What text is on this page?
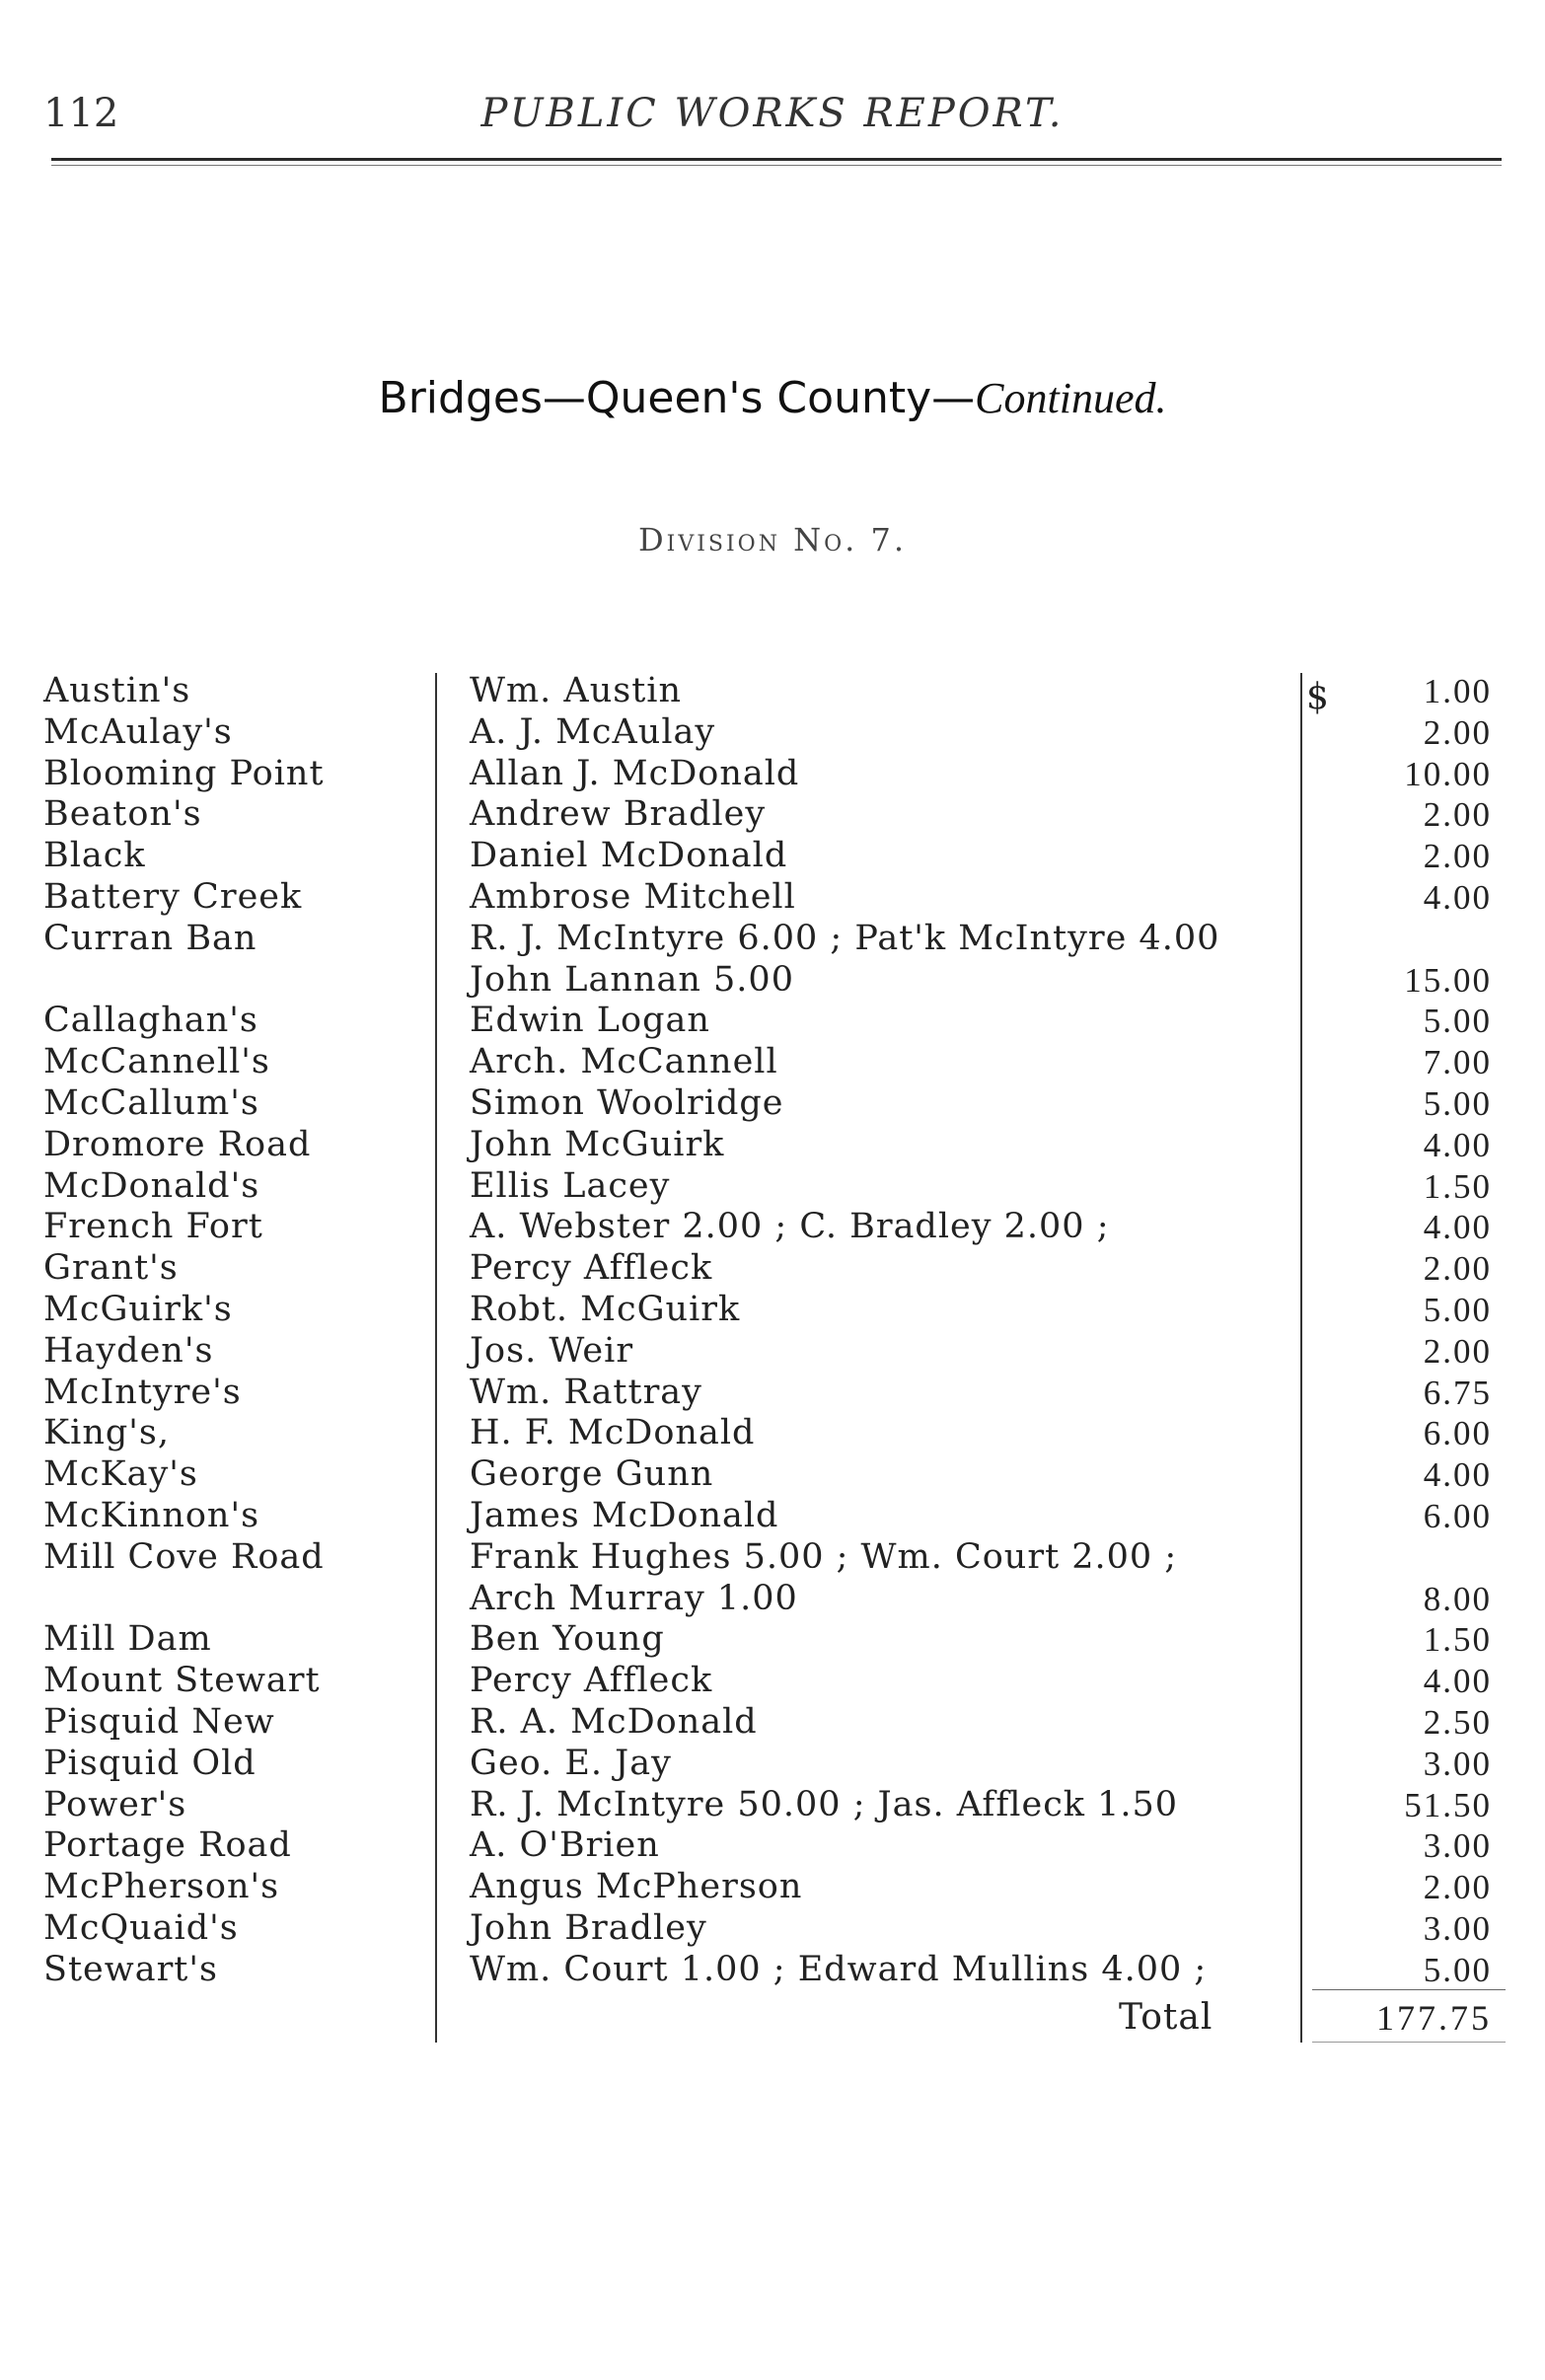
112	PUBLIC WORKS REPORT.
Bridges—Queen's County—Continued.
Division No. 7.
$
Austin's	Wm. Austin	1.00
McAulay's	A. J. McAulay	2.00
Blooming Point	Allan J. McDonald	10.00
Beaton's	Andrew Bradley	2.00
Black	Daniel McDonald	2.00
Battery Creek	Ambrose Mitchell	4.00
Curran Ban	R. J. McIntyre 6.00 ; Pat'k McIntyre 4.00
John Lannan 5.00	15.00
Callaghan's	Edwin Logan	5.00
McCannell's	Arch. McCannell	7.00
McCallum's	Simon Woolridge	5.00
Dromore Road	John McGuirk	4.00
McDonald's	Ellis Lacey	1.50
French Fort	A. Webster 2.00 ; C. Bradley 2.00 ;	4.00
Grant's	Percy Affleck	2.00
McGuirk's	Robt. McGuirk	5.00
Hayden's	Jos. Weir	2.00
McIntyre's	Wm. Rattray	6.75
King's,	H. F. McDonald	6.00
McKay's	George Gunn	4.00
McKinnon's	James McDonald	6.00
Mill Cove Road	Frank Hughes 5.00 ; Wm. Court 2.00 ;
Arch Murray 1.00	8.00
Mill Dam	Ben Young	1.50
Mount Stewart	Percy Affleck	4.00
Pisquid New	R. A. McDonald	2.50
Pisquid Old	Geo. E. Jay	3.00
Power's	R. J. McIntyre 50.00 ; Jas. Affleck 1.50	51.50
Portage Road	A. O'Brien	3.00
McPherson's	Angus McPherson	2.00
McQuaid's	John Bradley	3.00
Stewart's	Wm. Court 1.00 ; Edward Mullins 4.00 ;	5.00
Total	177.75
